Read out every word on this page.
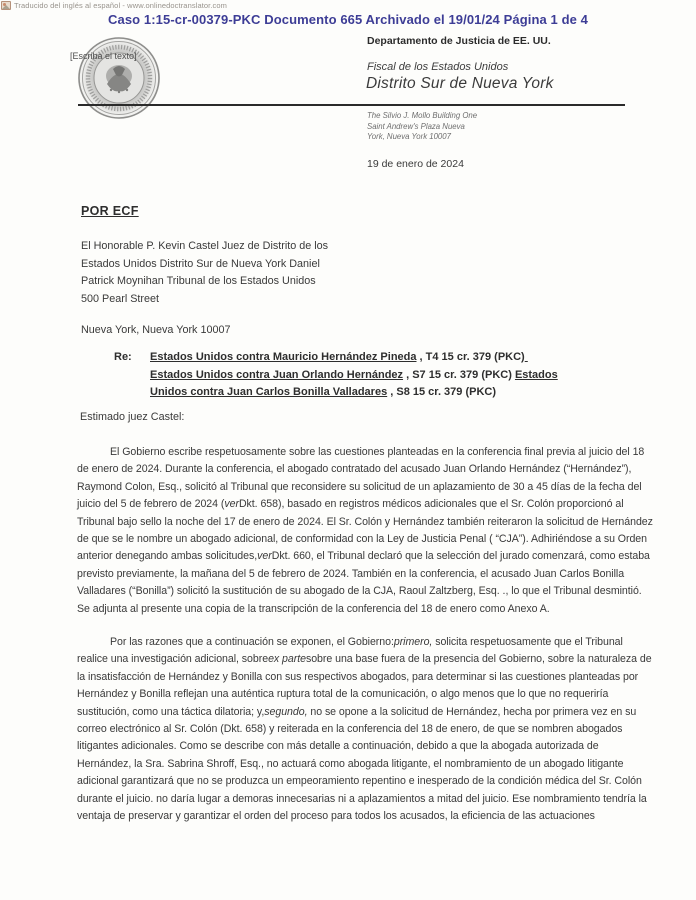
Traducido del inglés al español - www.onlinedoctranslator.com
Caso 1:15-cr-00379-PKC Documento 665 Archivado el 19/01/24 Página 1 de 4
[Escriba el texto]
Departamento de Justicia de EE. UU.
Fiscal de los Estados Unidos
Distrito Sur de Nueva York
The Silvio J. Mollo Building One
Saint Andrew's Plaza Nueva
York, Nueva York 10007
19 de enero de 2024
POR ECF
El Honorable P. Kevin Castel Juez de Distrito de los
Estados Unidos Distrito Sur de Nueva York Daniel
Patrick Moynihan Tribunal de los Estados Unidos
500 Pearl Street
Nueva York, Nueva York 10007
Re:	Estados Unidos contra Mauricio Hernández Pineda , T4 15 cr. 379 (PKC)
Estados Unidos contra Juan Orlando Hernández , S7 15 cr. 379 (PKC) Estados
Unidos contra Juan Carlos Bonilla Valladares , S8 15 cr. 379 (PKC)
Estimado juez Castel:
El Gobierno escribe respetuosamente sobre las cuestiones planteadas en la conferencia final previa al juicio del 18 de enero de 2024. Durante la conferencia, el abogado contratado del acusado Juan Orlando Hernández (“Hernández”), Raymond Colon, Esq., solicitó al Tribunal que reconsidere su solicitud de un aplazamiento de 30 a 45 días de la fecha del juicio del 5 de febrero de 2024 (verDkt. 658), basado en registros médicos adicionales que el Sr. Colón proporcionó al Tribunal bajo sello la noche del 17 de enero de 2024. El Sr. Colón y Hernández también reiteraron la solicitud de Hernández de que se le nombre un abogado adicional, de conformidad con la Ley de Justicia Penal ( “CJA”). Adhiriéndose a su Orden anterior denegando ambas solicitudes,verDkt. 660, el Tribunal declaró que la selección del jurado comenzará, como estaba previsto previamente, la mañana del 5 de febrero de 2024. También en la conferencia, el acusado Juan Carlos Bonilla Valladares (“Bonilla”) solicitó la sustitución de su abogado de la CJA, Raoul Zaltzberg, Esq. ., lo que el Tribunal desmintió. Se adjunta al presente una copia de la transcripción de la conferencia del 18 de enero como Anexo A.
Por las razones que a continuación se exponen, el Gobierno:primero, solicita respetuosamente que el Tribunal realice una investigación adicional, sobreex partesobre una base fuera de la presencia del Gobierno, sobre la naturaleza de la insatisfacción de Hernández y Bonilla con sus respectivos abogados, para determinar si las cuestiones planteadas por Hernández y Bonilla reflejan una auténtica ruptura total de la comunicación, o algo menos que lo que no requeriría sustitución, como una táctica dilatoria; y,segundo, no se opone a la solicitud de Hernández, hecha por primera vez en su correo electrónico al Sr. Colón (Dkt. 658) y reiterada en la conferencia del 18 de enero, de que se nombren abogados litigantes adicionales. Como se describe con más detalle a continuación, debido a que la abogada autorizada de Hernández, la Sra. Sabrina Shroff, Esq., no actuará como abogada litigante, el nombramiento de un abogado litigante adicional garantizará que no se produzca un empeoramiento repentino e inesperado de la condición médica del Sr. Colón durante el juicio. no daría lugar a demoras innecesarias ni a aplazamientos a mitad del juicio. Ese nombramiento tendría la ventaja de preservar y garantizar el orden del proceso para todos los acusados, la eficiencia de las actuaciones
